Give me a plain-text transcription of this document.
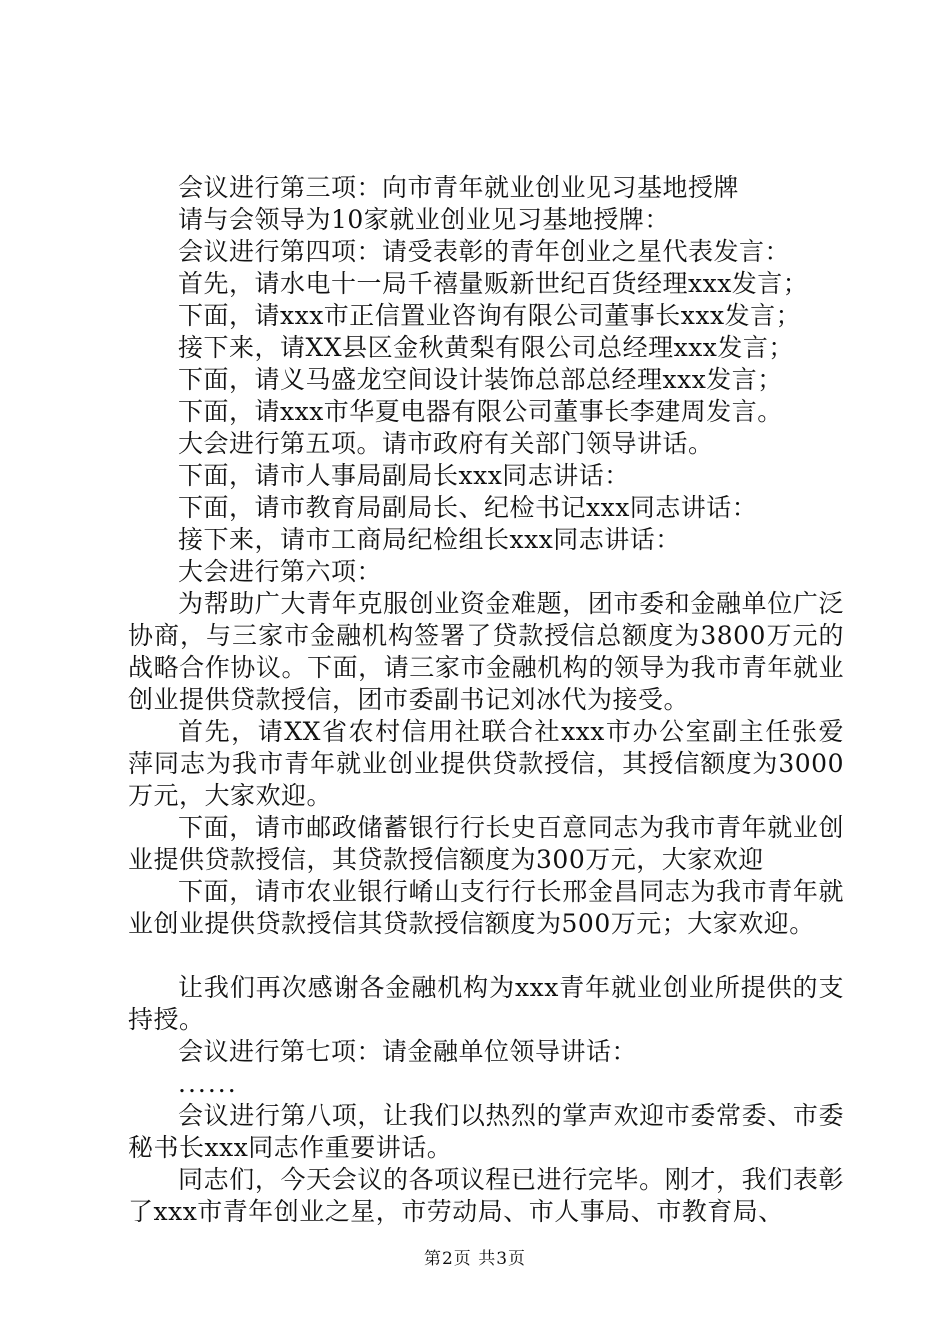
会议进行第三项：向市青年就业创业见习基地授牌

请与会领导为10家就业创业见习基地授牌：

会议进行第四项：请受表彰的青年创业之星代表发言：

首先，请水电十一局千禧量贩新世纪百货经理xxx发言；

下面，请xxx市正信置业咨询有限公司董事长xxx发言；

接下来，请XX县区金秋黄梨有限公司总经理xxx发言；

下面，请义马盛龙空间设计装饰总部总经理xxx发言；

下面，请xxx市华夏电器有限公司董事长李建周发言。

大会进行第五项。请市政府有关部门领导讲话。

下面，请市人事局副局长xxx同志讲话：

下面，请市教育局副局长、纪检书记xxx同志讲话：

接下来，请市工商局纪检组长xxx同志讲话：

大会进行第六项：

为帮助广大青年克服创业资金难题，团市委和金融单位广泛协商，与三家市金融机构签署了贷款授信总额度为3800万元的战略合作协议。下面，请三家市金融机构的领导为我市青年就业创业提供贷款授信，团市委副书记刘冰代为接受。

首先，请XX省农村信用社联合社xxx市办公室副主任张爱萍同志为我市青年就业创业提供贷款授信，其授信额度为3000万元，大家欢迎。

下面，请市邮政储蓄银行行长史百意同志为我市青年就业创业提供贷款授信，其贷款授信额度为300万元，大家欢迎

下面，请市农业银行崤山支行行长邢金昌同志为我市青年就业创业提供贷款授信其贷款授信额度为500万元；大家欢迎。

让我们再次感谢各金融机构为xxx青年就业创业所提供的支持授。

会议进行第七项：请金融单位领导讲话：

......

会议进行第八项，让我们以热烈的掌声欢迎市委常委、市委秘书长xxx同志作重要讲话。

同志们，今天会议的各项议程已进行完毕。刚才，我们表彰了xxx市青年创业之星，市劳动局、市人事局、市教育局、

第2页 共3页
